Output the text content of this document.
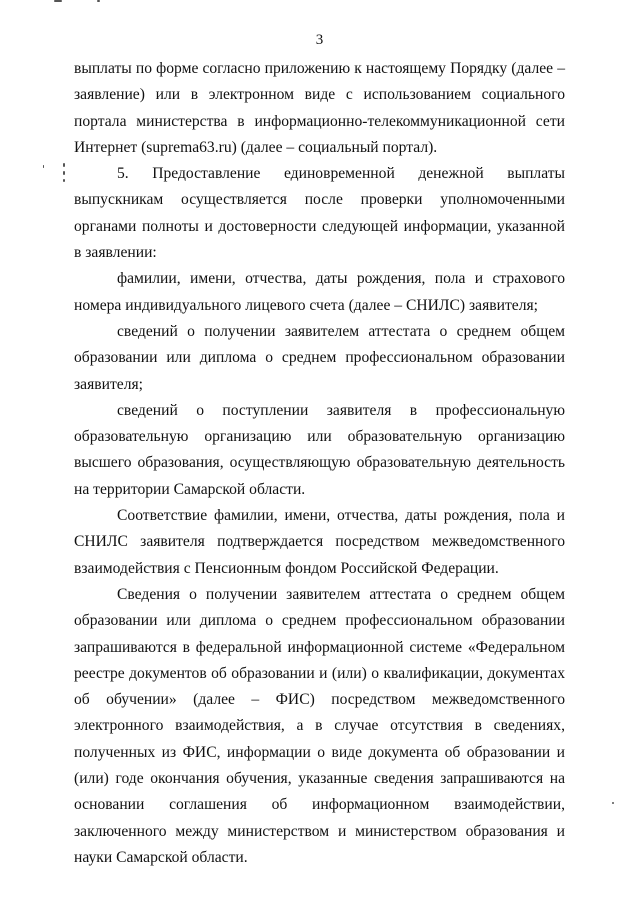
3

выплаты по форме согласно приложению к настоящему Порядку (далее – заявление) или в электронном виде с использованием социального портала министерства в информационно-телекоммуникационной сети Интернет (suprema63.ru) (далее – социальный портал).

5. Предоставление единовременной денежной выплаты выпускникам осуществляется после проверки уполномоченными органами полноты и достоверности следующей информации, указанной в заявлении:

фамилии, имени, отчества, даты рождения, пола и страхового номера индивидуального лицевого счета (далее – СНИЛС) заявителя;

сведений о получении заявителем аттестата о среднем общем образовании или диплома о среднем профессиональном образовании заявителя;

сведений о поступлении заявителя в профессиональную образовательную организацию или образовательную организацию высшего образования, осуществляющую образовательную деятельность на территории Самарской области.

Соответствие фамилии, имени, отчества, даты рождения, пола и СНИЛС заявителя подтверждается посредством межведомственного взаимодействия с Пенсионным фондом Российской Федерации.

Сведения о получении заявителем аттестата о среднем общем образовании или диплома о среднем профессиональном образовании запрашиваются в федеральной информационной системе «Федеральном реестре документов об образовании и (или) о квалификации, документах об обучении» (далее – ФИС) посредством межведомственного электронного взаимодействия, а в случае отсутствия в сведениях, полученных из ФИС, информации о виде документа об образовании и (или) годе окончания обучения, указанные сведения запрашиваются на основании соглашения об информационном взаимодействии, заключенного между министерством и министерством образования и науки Самарской области.
